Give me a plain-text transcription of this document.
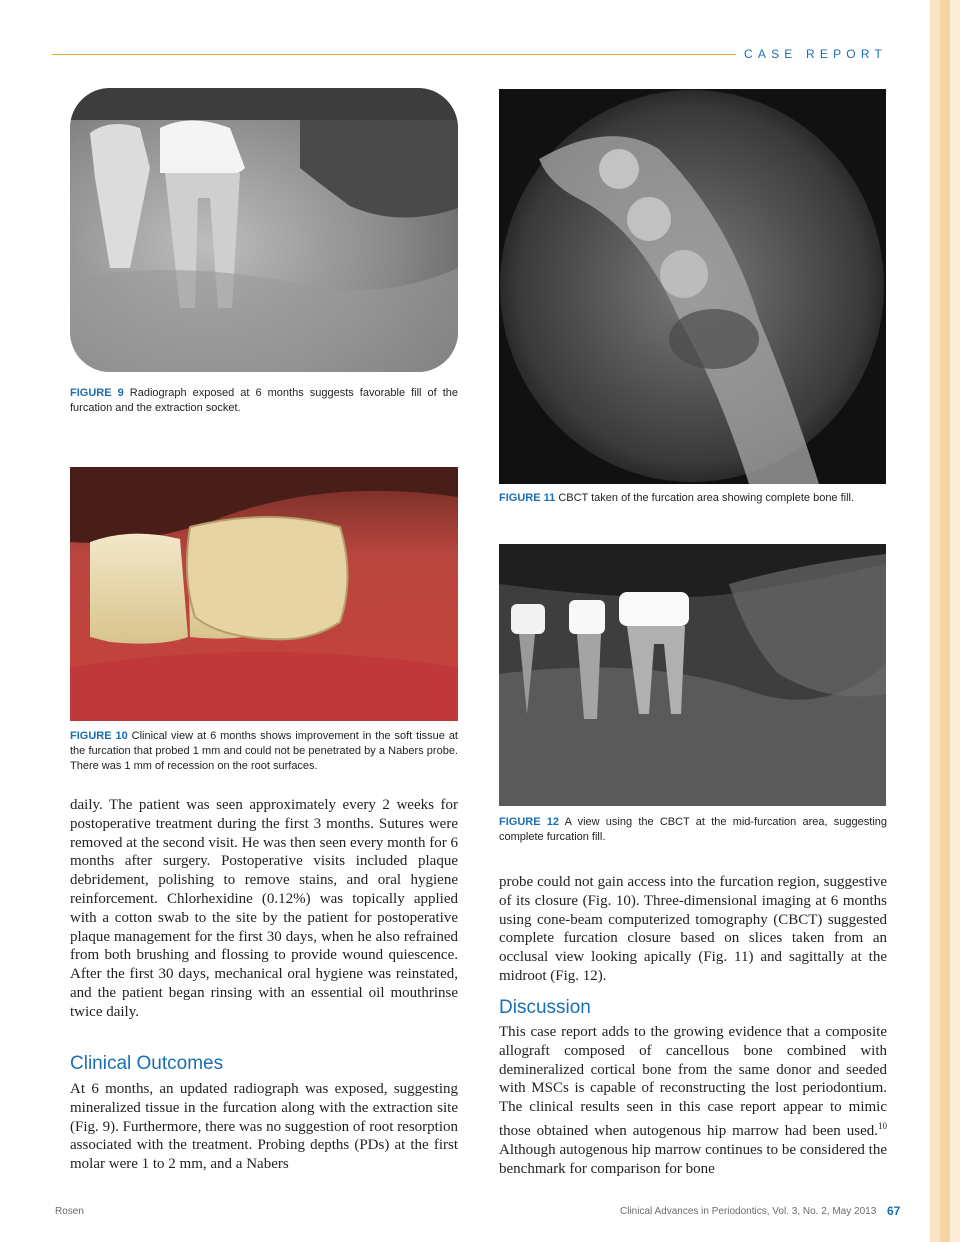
CASE REPORT
FIGURE 9 Radiograph exposed at 6 months suggests favorable fill of the furcation and the extraction socket.
FIGURE 10 Clinical view at 6 months shows improvement in the soft tissue at the furcation that probed 1 mm and could not be penetrated by a Nabers probe. There was 1 mm of recession on the root surfaces.
FIGURE 11 CBCT taken of the furcation area showing complete bone fill.
FIGURE 12 A view using the CBCT at the mid-furcation area, suggesting complete furcation fill.

daily. The patient was seen approximately every 2 weeks for postoperative treatment during the first 3 months. Sutures were removed at the second visit. He was then seen every month for 6 months after surgery. Postoperative visits included plaque debridement, polishing to remove stains, and oral hygiene reinforcement. Chlorhexidine (0.12%) was topically applied with a cotton swab to the site by the patient for postoperative plaque management for the first 30 days, when he also refrained from both brushing and flossing to provide wound quiescence. After the first 30 days, mechanical oral hygiene was reinstated, and the patient began rinsing with an essential oil mouthrinse twice daily.

Clinical Outcomes

At 6 months, an updated radiograph was exposed, suggesting mineralized tissue in the furcation along with the extraction site (Fig. 9). Furthermore, there was no suggestion of root resorption associated with the treatment. Probing depths (PDs) at the first molar were 1 to 2 mm, and a Nabers

probe could not gain access into the furcation region, suggestive of its closure (Fig. 10). Three-dimensional imaging at 6 months using cone-beam computerized tomography (CBCT) suggested complete furcation closure based on slices taken from an occlusal view looking apically (Fig. 11) and sagittally at the midroot (Fig. 12).

Discussion

This case report adds to the growing evidence that a composite allograft composed of cancellous bone combined with demineralized cortical bone from the same donor and seeded with MSCs is capable of reconstructing the lost periodontium. The clinical results seen in this case report appear to mimic those obtained when autogenous hip marrow had been used.$^{10}$ Although autogenous hip marrow continues to be considered the benchmark for comparison for bone

Rosen	Clinical Advances in Periodontics, Vol. 3, No. 2, May 2013 67
